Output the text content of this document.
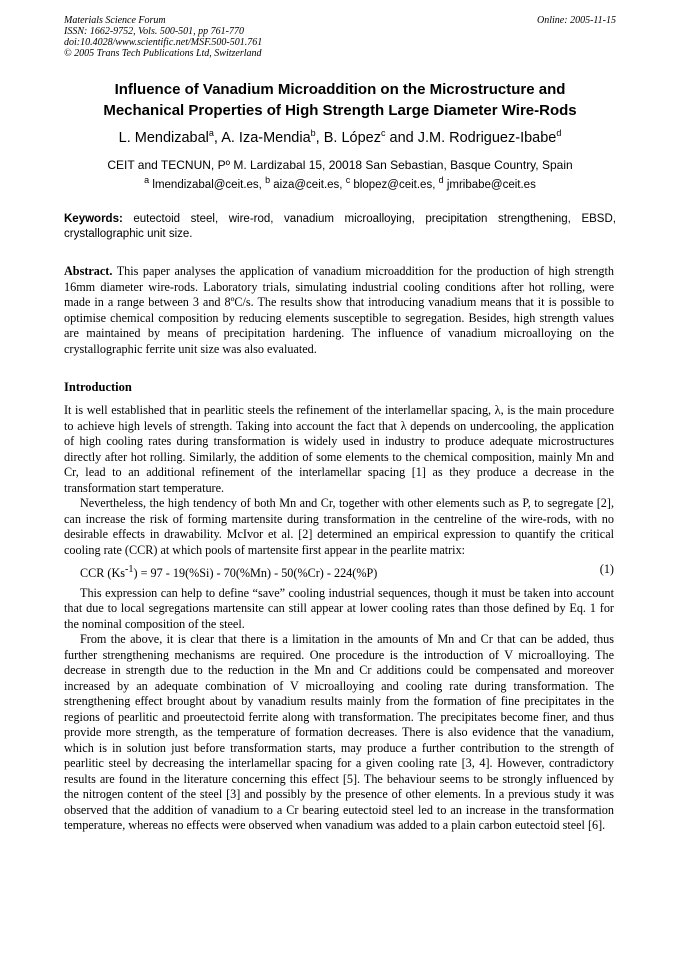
Materials Science Forum
ISSN: 1662-9752, Vols. 500-501, pp 761-770
doi:10.4028/www.scientific.net/MSF.500-501.761
© 2005 Trans Tech Publications Ltd, Switzerland
Online: 2005-11-15
Influence of Vanadium Microaddition on the Microstructure and
Mechanical Properties of High Strength Large Diameter Wire-Rods
L. Mendizabal$^a$, A. Iza-Mendia$^b$, B. López$^c$ and J.M. Rodriguez-Ibabe$^d$
CEIT and TECNUN, Pº M. Lardizabal 15, 20018 San Sebastian, Basque Country, Spain
$^a$ lmendizabal@ceit.es, $^b$ aiza@ceit.es, $^c$ blopez@ceit.es, $^d$ jmribabe@ceit.es
Keywords: eutectoid steel, wire-rod, vanadium microalloying, precipitation strengthening, EBSD, crystallographic unit size.

Abstract. This paper analyses the application of vanadium microaddition for the production of high strength 16mm diameter wire-rods. Laboratory trials, simulating industrial cooling conditions after hot rolling, were made in a range between 3 and 8ºC/s. The results show that introducing vanadium means that it is possible to optimise chemical composition by reducing elements susceptible to segregation. Besides, high strength values are maintained by means of precipitation hardening. The influence of vanadium microalloying on the crystallographic ferrite unit size was also evaluated.

Introduction

It is well established that in pearlitic steels the refinement of the interlamellar spacing, λ, is the main procedure to achieve high levels of strength. Taking into account the fact that λ depends on undercooling, the application of high cooling rates during transformation is widely used in industry to produce adequate microstructures directly after hot rolling. Similarly, the addition of some elements to the chemical composition, mainly Mn and Cr, lead to an additional refinement of the interlamellar spacing [1] as they produce a decrease in the transformation start temperature.

Nevertheless, the high tendency of both Mn and Cr, together with other elements such as P, to segregate [2], can increase the risk of forming martensite during transformation in the centreline of the wire-rods, with no desirable effects in drawability. McIvor et al. [2] determined an empirical expression to quantify the critical cooling rate (CCR) at which pools of martensite first appear in the pearlite matrix:

CCR $(Ks^{-1}) = 97 - 19(\%Si) - 70(\%Mn) - 50(\%Cr) - 224(\%P)$	(1)

This expression can help to define “save” cooling industrial sequences, though it must be taken into account that due to local segregations martensite can still appear at lower cooling rates than those defined by Eq. 1 for the nominal composition of the steel.

From the above, it is clear that there is a limitation in the amounts of Mn and Cr that can be added, thus further strengthening mechanisms are required. One procedure is the introduction of V microalloying. The decrease in strength due to the reduction in the Mn and Cr additions could be compensated and moreover increased by an adequate combination of V microalloying and cooling rate during transformation. The strengthening effect brought about by vanadium results mainly from the formation of fine precipitates in the regions of pearlitic and proeutectoid ferrite along with transformation. The precipitates become finer, and thus provide more strength, as the temperature of formation decreases. There is also evidence that the vanadium, which is in solution just before transformation starts, may produce a further contribution to the strength of pearlitic steel by decreasing the interlamellar spacing for a given cooling rate [3, 4]. However, contradictory results are found in the literature concerning this effect [5]. The behaviour seems to be strongly influenced by the nitrogen content of the steel [3] and possibly by the presence of other elements. In a previous study it was observed that the addition of vanadium to a Cr bearing eutectoid steel led to an increase in the transformation temperature, whereas no effects were observed when vanadium was added to a plain carbon eutectoid steel [6].
